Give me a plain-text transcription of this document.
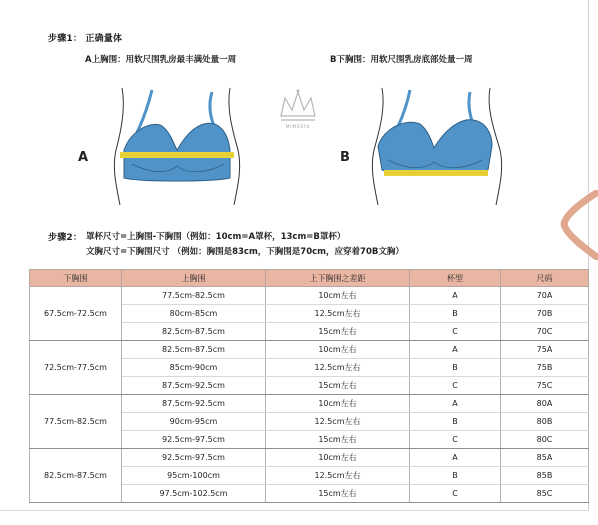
步骤1： 正确量体
A上胸围：用软尺围乳房最丰满处量一周	B下胸围：用软尺围乳房底部处量一周
A	B
MIMERIU
步骤2： 罩杯尺寸=上胸围-下胸围（例如：10cm=A罩杯，13cm=B罩杯）
文胸尺寸=下胸围尺寸 （例如：胸围是83cm，下胸围是70cm，应穿着70B文胸）
下胸围	上胸围	上下胸围之差距	杯型	尺码
67.5cm-72.5cm	77.5cm-82.5cm	10cm左右	A	70A
	80cm-85cm	12.5cm左右	B	70B
	82.5cm-87.5cm	15cm左右	C	70C
72.5cm-77.5cm	82.5cm-87.5cm	10cm左右	A	75A
	85cm-90cm	12.5cm左右	B	75B
	87.5cm-92.5cm	15cm左右	C	75C
77.5cm-82.5cm	87.5cm-92.5cm	10cm左右	A	80A
	90cm-95cm	12.5cm左右	B	80B
	92.5cm-97.5cm	15cm左右	C	80C
82.5cm-87.5cm	92.5cm-97.5cm	10cm左右	A	85A
	95cm-100cm	12.5cm左右	B	85B
	97.5cm-102.5cm	15cm左右	C	85C
